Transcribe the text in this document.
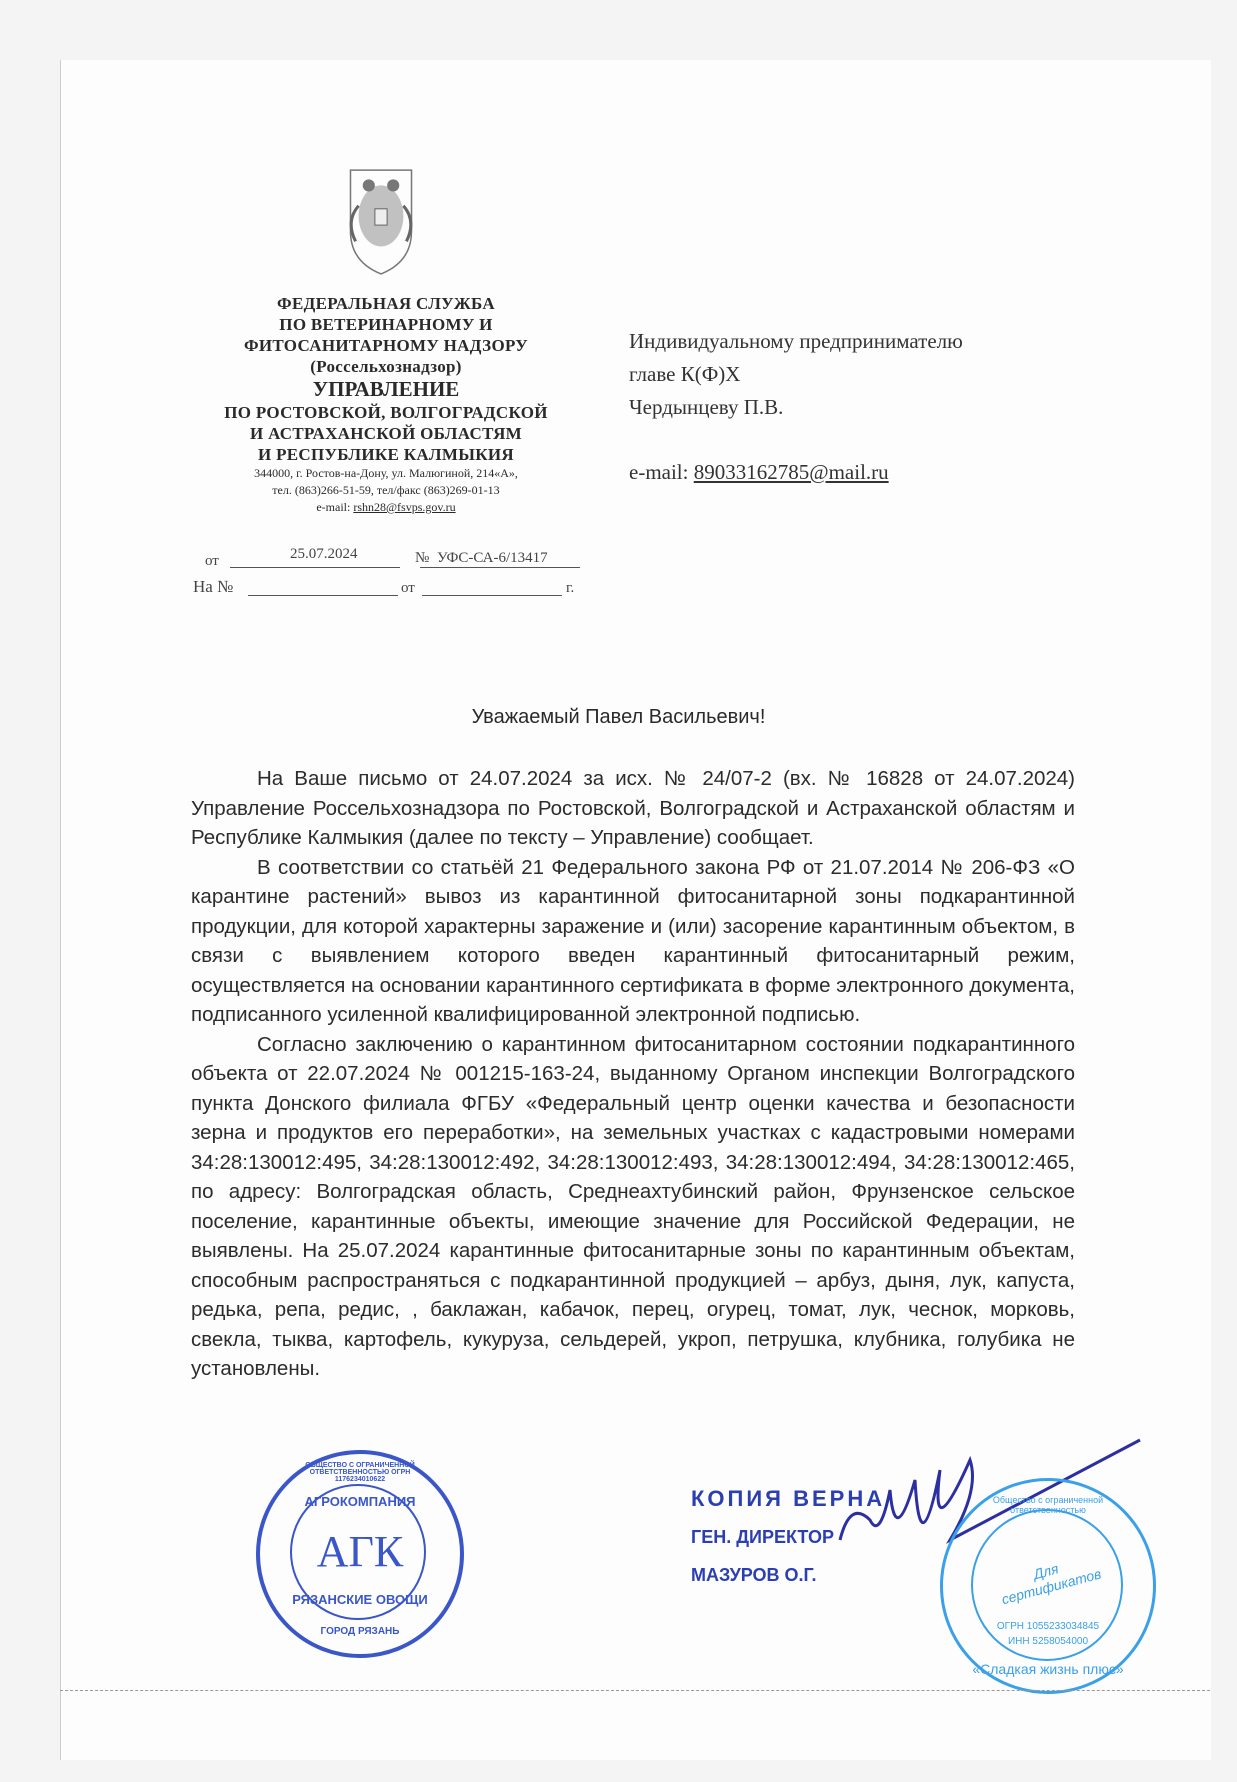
ФЕДЕРАЛЬНАЯ СЛУЖБА
ПО ВЕТЕРИНАРНОМУ И
ФИТОСАНИТАРНОМУ НАДЗОРУ
(Россельхознадзор)
УПРАВЛЕНИЕ
ПО РОСТОВСКОЙ, ВОЛГОГРАДСКОЙ
И АСТРАХАНСКОЙ ОБЛАСТЯМ
И РЕСПУБЛИКЕ КАЛМЫКИЯ
344000, г. Ростов-на-Дону, ул. Малюгиной, 214«А»,
тел. (863)266-51-59, тел/факс (863)269-01-13
e-mail: rshn28@fsvps.gov.ru
от	25.07.2024	№ УФС-СА-6/13417
На №	от	г.
Индивидуальному предпринимателю
главе К(Ф)Х
Чердынцеву П.В.
e-mail: 89033162785@mail.ru
Уважаемый Павел Васильевич!

На Ваше письмо от 24.07.2024 за исх. № 24/07-2 (вх. № 16828 от 24.07.2024) Управление Россельхознадзора по Ростовской, Волгоградской и Астраханской областям и Республике Калмыкия (далее по тексту – Управление) сообщает.

В соответствии со статьёй 21 Федерального закона РФ от 21.07.2014 № 206-ФЗ «О карантине растений» вывоз из карантинной фитосанитарной зоны подкарантинной продукции, для которой характерны заражение и (или) засорение карантинным объектом, в связи с выявлением которого введен карантинный фитосанитарный режим, осуществляется на основании карантинного сертификата в форме электронного документа, подписанного усиленной квалифицированной электронной подписью.

Согласно заключению о карантинном фитосанитарном состоянии подкарантинного объекта от 22.07.2024 № 001215-163-24, выданному Органом инспекции Волгоградского пункта Донского филиала ФГБУ «Федеральный центр оценки качества и безопасности зерна и продуктов его переработки», на земельных участках с кадастровыми номерами 34:28:130012:495, 34:28:130012:492, 34:28:130012:493, 34:28:130012:494, 34:28:130012:465, по адресу: Волгоградская область, Среднеахтубинский район, Фрунзенское сельское поселение, карантинные объекты, имеющие значение для Российской Федерации, не выявлены. На 25.07.2024 карантинные фитосанитарные зоны по карантинным объектам, способным распространяться с подкарантинной продукцией – арбуз, дыня, лук, капуста, редька, репа, редис, , баклажан, кабачок, перец, огурец, томат, лук, чеснок, морковь, свекла, тыква, картофель, кукуруза, сельдерей, укроп, петрушка, клубника, голубика не установлены.

АГРОКОМПАНИЯ
АГК
РЯЗАНСКИЕ ОВОЩИ
ГОРОД РЯЗАНЬ
ОБЩЕСТВО С ОГРАНИЧЕННОЙ ОТВЕТСТВЕННОСТЬЮ ОГРН 1176234010622
КОПИЯ ВЕРНА
ГЕН. ДИРЕКТОР
МАЗУРОВ О.Г.
Общество с ограниченной ответственностью
Для сертификатов
ОГРН 1055233034845
ИНН 5258054000
«Сладкая жизнь плюс»
